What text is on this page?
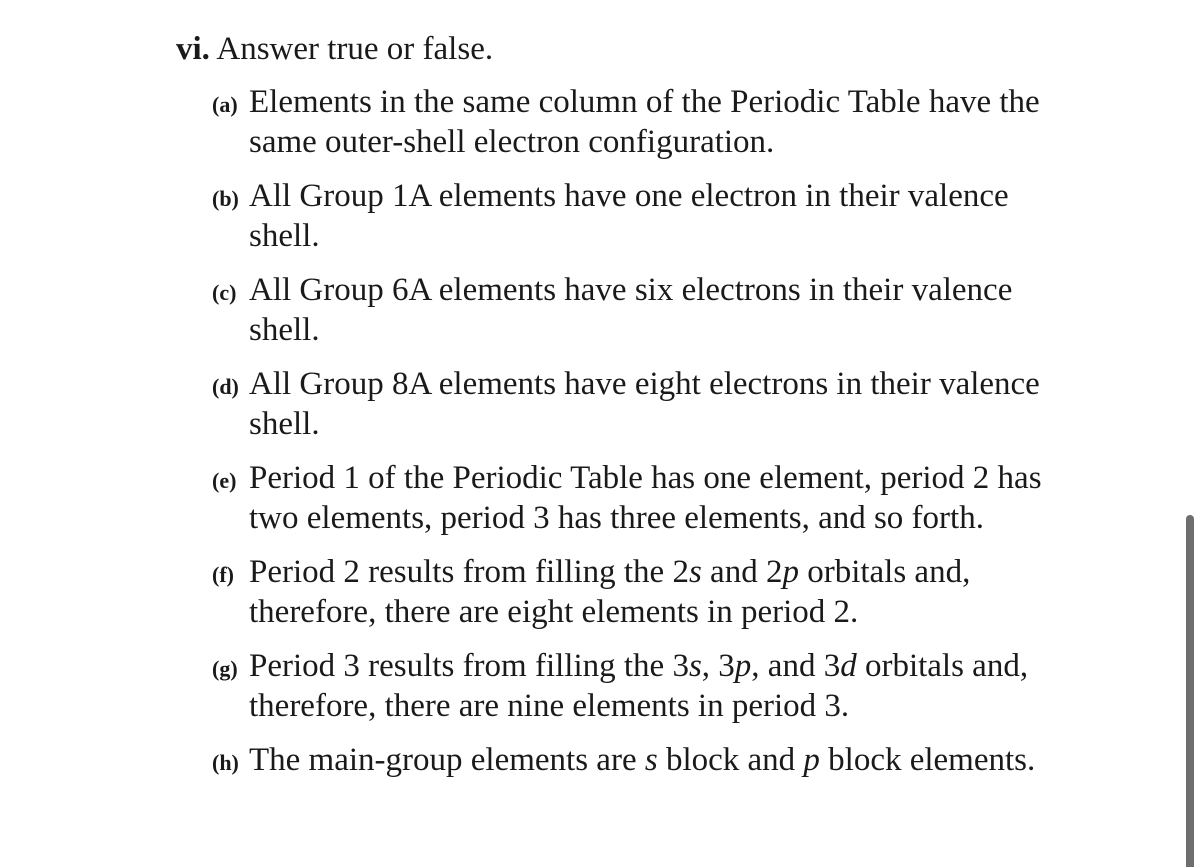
vi. Answer true or false.
(a) Elements in the same column of the Periodic Table have the
same outer-shell electron configuration.
(b) All Group 1A elements have one electron in their valence
shell.
(c) All Group 6A elements have six electrons in their valence
shell.
(d) All Group 8A elements have eight electrons in their valence
shell.
(e) Period 1 of the Periodic Table has one element, period 2 has
two elements, period 3 has three elements, and so forth.
(f) Period 2 results from filling the 2s and 2p orbitals and,
therefore, there are eight elements in period 2.
(g) Period 3 results from filling the 3s, 3p, and 3d orbitals and,
therefore, there are nine elements in period 3.
(h) The main-group elements are s block and p block elements.
